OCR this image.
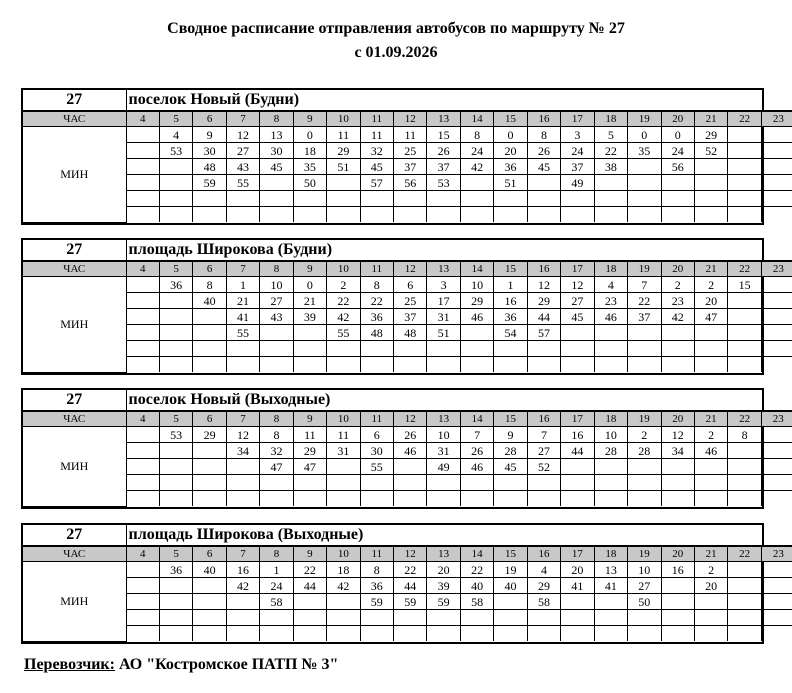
Сводное расписание отправления автобусов по маршруту № 27
с 01.09.2026
27	поселок Новый (Будни)																			
ЧАС	4	5	6	7	8	9	10	11	12	13	14	15	16	17	18	19	20	21	22	23
МИН		4	9	12	13	0	11	11	11	15	8	0	8	3	5	0	0	29		
		53	30	27	30	18	29	32	25	26	24	20	26	24	22	35	24	52		
			48	43	45	35	51	45	37	37	42	36	45	37	38		56			
			59	55		50		57	56	53		51		49						

27	площадь Широкова (Будни)																			
ЧАС	4	5	6	7	8	9	10	11	12	13	14	15	16	17	18	19	20	21	22	23
МИН		36	8	1	10	0	2	8	6	3	10	1	12	12	4	7	2	2	15	
			40	21	27	21	22	22	25	17	29	16	29	27	23	22	23	20		
				41	43	39	42	36	37	31	46	36	44	45	46	37	42	47		
				55			55	48	48	51		54	57							

27	поселок Новый (Выходные)																			
ЧАС	4	5	6	7	8	9	10	11	12	13	14	15	16	17	18	19	20	21	22	23
МИН		53	29	12	8	11	11	6	26	10	7	9	7	16	10	2	12	2	8	
				34	32	29	31	30	46	31	26	28	27	44	28	28	34	46		
					47	47		55		49	46	45	52							

27	площадь Широкова (Выходные)																			
ЧАС	4	5	6	7	8	9	10	11	12	13	14	15	16	17	18	19	20	21	22	23
МИН		36	40	16	1	22	18	8	22	20	22	19	4	20	13	10	16	2		
				42	24	44	42	36	44	39	40	40	29	41	41	27		20		
					58			59	59	59	58		58			50				

Перевозчик: АО "Костромское ПАТП № 3"
